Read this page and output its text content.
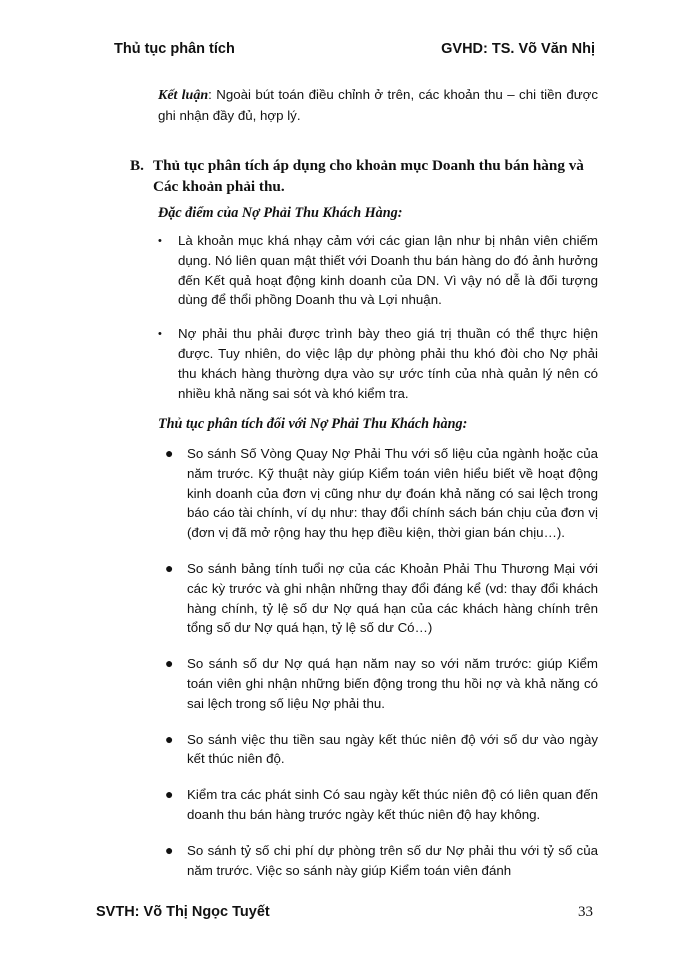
Thủ tục phân tích	GVHD: TS. Võ Văn Nhị
Kết luận: Ngoài bút toán điều chỉnh ở trên, các khoản thu – chi tiền được ghi nhận đầy đủ, hợp lý.
B. Thủ tục phân tích áp dụng cho khoản mục Doanh thu bán hàng và Các khoản phải thu.
Đặc điểm của Nợ Phải Thu Khách Hàng:
• Là khoản mục khá nhạy cảm với các gian lận như bị nhân viên chiếm dụng. Nó liên quan mật thiết với Doanh thu bán hàng do đó ảnh hưởng đến Kết quả hoạt động kinh doanh của DN. Vì vậy nó dễ là đối tượng dùng để thổi phồng Doanh thu và Lợi nhuận.
• Nợ phải thu phải được trình bày theo giá trị thuần có thể thực hiện được. Tuy nhiên, do việc lập dự phòng phải thu khó đòi cho Nợ phải thu khách hàng thường dựa vào sự ước tính của nhà quản lý nên có nhiều khả năng sai sót và khó kiểm tra.
Thủ tục phân tích đối với Nợ Phải Thu Khách hàng:
● So sánh Số Vòng Quay Nợ Phải Thu với số liệu của ngành hoặc của năm trước. Kỹ thuật này giúp Kiểm toán viên hiểu biết về hoạt động kinh doanh của đơn vị cũng như dự đoán khả năng có sai lệch trong báo cáo tài chính, ví dụ như: thay đổi chính sách bán chịu của đơn vị (đơn vị đã mở rộng hay thu hẹp điều kiện, thời gian bán chịu…).
● So sánh bảng tính tuổi nợ của các Khoản Phải Thu Thương Mại với các kỳ trước và ghi nhận những thay đổi đáng kể (vd: thay đổi khách hàng chính, tỷ lệ số dư Nợ quá hạn của các khách hàng chính trên tổng số dư Nợ quá hạn, tỷ lệ số dư Có…)
● So sánh số dư Nợ quá hạn năm nay so với năm trước: giúp Kiểm toán viên ghi nhận những biến động trong thu hồi nợ và khả năng có sai lệch trong số liệu Nợ phải thu.
● So sánh việc thu tiền sau ngày kết thúc niên độ với số dư vào ngày kết thúc niên độ.
● Kiểm tra các phát sinh Có sau ngày kết thúc niên độ có liên quan đến doanh thu bán hàng trước ngày kết thúc niên độ hay không.
● So sánh tỷ số chi phí dự phòng trên số dư Nợ phải thu với tỷ số của năm trước. Việc so sánh này giúp Kiểm toán viên đánh
SVTH: Võ Thị Ngọc Tuyết	33
